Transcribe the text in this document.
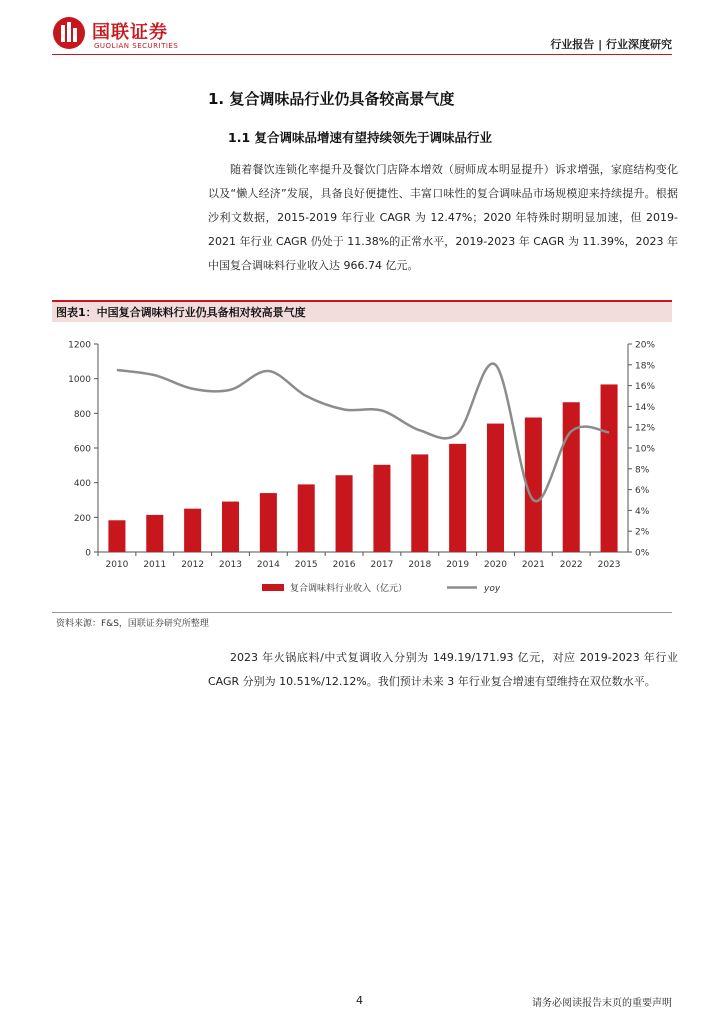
国联证券
GUOLIAN SECURITIES	行业报告 | 行业深度研究
1. 复合调味品行业仍具备较高景气度
1.1 复合调味品增速有望持续领先于调味品行业
随着餐饮连锁化率提升及餐饮门店降本增效（厨师成本明显提升）诉求增强，家庭结构变化以及“懒人经济”发展，具备良好便捷性、丰富口味性的复合调味品市场规模迎来持续提升。根据沙利文数据，2015-2019 年行业 CAGR 为 12.47%；2020 年特殊时期明显加速，但 2019-2021 年行业 CAGR 仍处于 11.38%的正常水平，2019-2023 年 CAGR 为 11.39%，2023 年中国复合调味料行业收入达 966.74 亿元。
图表1：中国复合调味料行业仍具备相对较高景气度
0
200
400
600
800
1000
1200
0%
2%
4%
6%
8%
10%
12%
14%
16%
18%
20%
2010 2011 2012 2013 2014 2015 2016 2017 2018 2019 2020 2021 2022 2023
复合调味料行业收入（亿元）	yoy
资料来源：F&S，国联证券研究所整理
2023 年火锅底料/中式复调收入分别为 149.19/171.93 亿元，对应 2019-2023 年行业 CAGR 分别为 10.51%/12.12%。我们预计未来 3 年行业复合增速有望维持在双位数水平。
4	请务必阅读报告末页的重要声明
